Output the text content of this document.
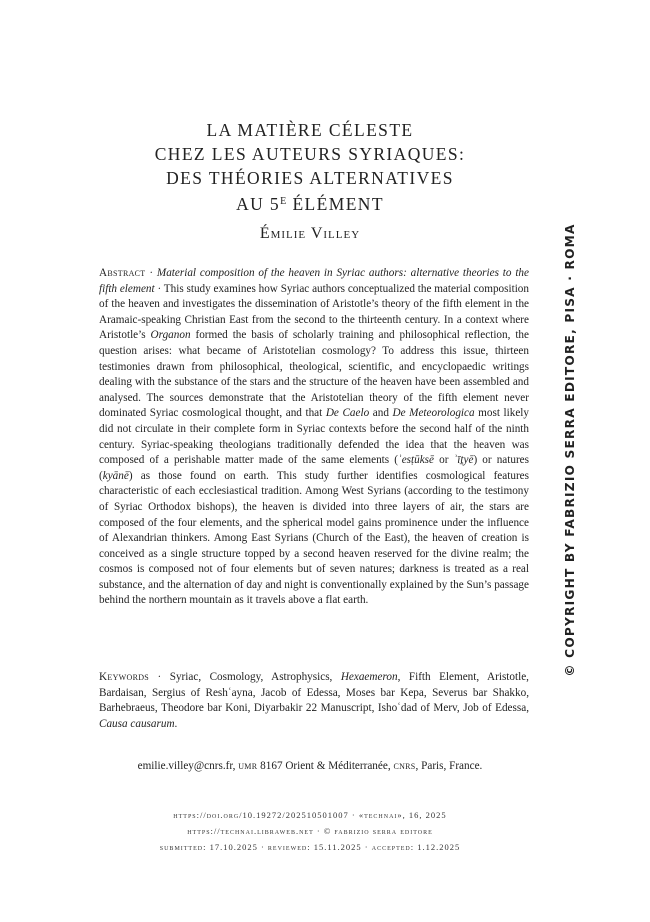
LA MATIÈRE CÉLESTE
CHEZ LES AUTEURS SYRIAQUES:
DES THÉORIES ALTERNATIVES
AU $5^E$ ÉLÉMENT
Émilie Villey
Abstract · Material composition of the heaven in Syriac authors: alternative theories to the fifth element · This study examines how Syriac authors conceptualized the material composition of the heaven and investigates the dissemination of Aristotle’s theory of the fifth element in the Aramaic-speaking Christian East from the second to the thirteenth century. In a context where Aristotle’s Organon formed the basis of scholarly training and philosophical reflection, the question arises: what became of Aristotelian cosmology? To address this issue, thirteen testimonies drawn from philosophical, theological, scientific, and encyclopaedic writings dealing with the substance of the stars and the structure of the heaven have been assembled and analysed. The sources demonstrate that the Aristotelian theory of the fifth element never dominated Syriac cosmological thought, and that De Caelo and De Meteorologica most likely did not circulate in their complete form in Syriac contexts before the second half of the ninth century. Syriac-speaking theologians traditionally defended the idea that the heaven was composed of a perishable matter made of the same elements (ʾesṭūksē or ʾīṯyē) or natures (kyānē) as those found on earth. This study further identifies cosmological features characteristic of each ecclesiastical tradition. Among West Syrians (according to the testimony of Syriac Orthodox bishops), the heaven is divided into three layers of air, the stars are composed of the four elements, and the spherical model gains prominence under the influence of Alexandrian thinkers. Among East Syrians (Church of the East), the heaven of creation is conceived as a single structure topped by a second heaven reserved for the divine realm; the cosmos is composed not of four elements but of seven natures; darkness is treated as a real substance, and the alternation of day and night is conventionally explained by the Sun’s passage behind the northern mountain as it travels above a flat earth.
Keywords · Syriac, Cosmology, Astrophysics, Hexaemeron, Fifth Element, Aristotle, Bardaisan, Sergius of Reshʿayna, Jacob of Edessa, Moses bar Kepa, Severus bar Shakko, Barhebraeus, Theodore bar Koni, Diyarbakir 22 Manuscript, Ishoʿdad of Merv, Job of Edessa, Causa causarum.
emilie.villey@cnrs.fr, umr 8167 Orient & Méditerranée, cnrs, Paris, France.
https://doi.org/10.19272/202510501007 · «technai», 16, 2025
https://technai.libraweb.net · © fabrizio serra editore
submitted: 17.10.2025 · reviewed: 15.11.2025 · accepted: 1.12.2025
© COPYRIGHT BY FABRIZIO SERRA EDITORE, PISA · ROMA
